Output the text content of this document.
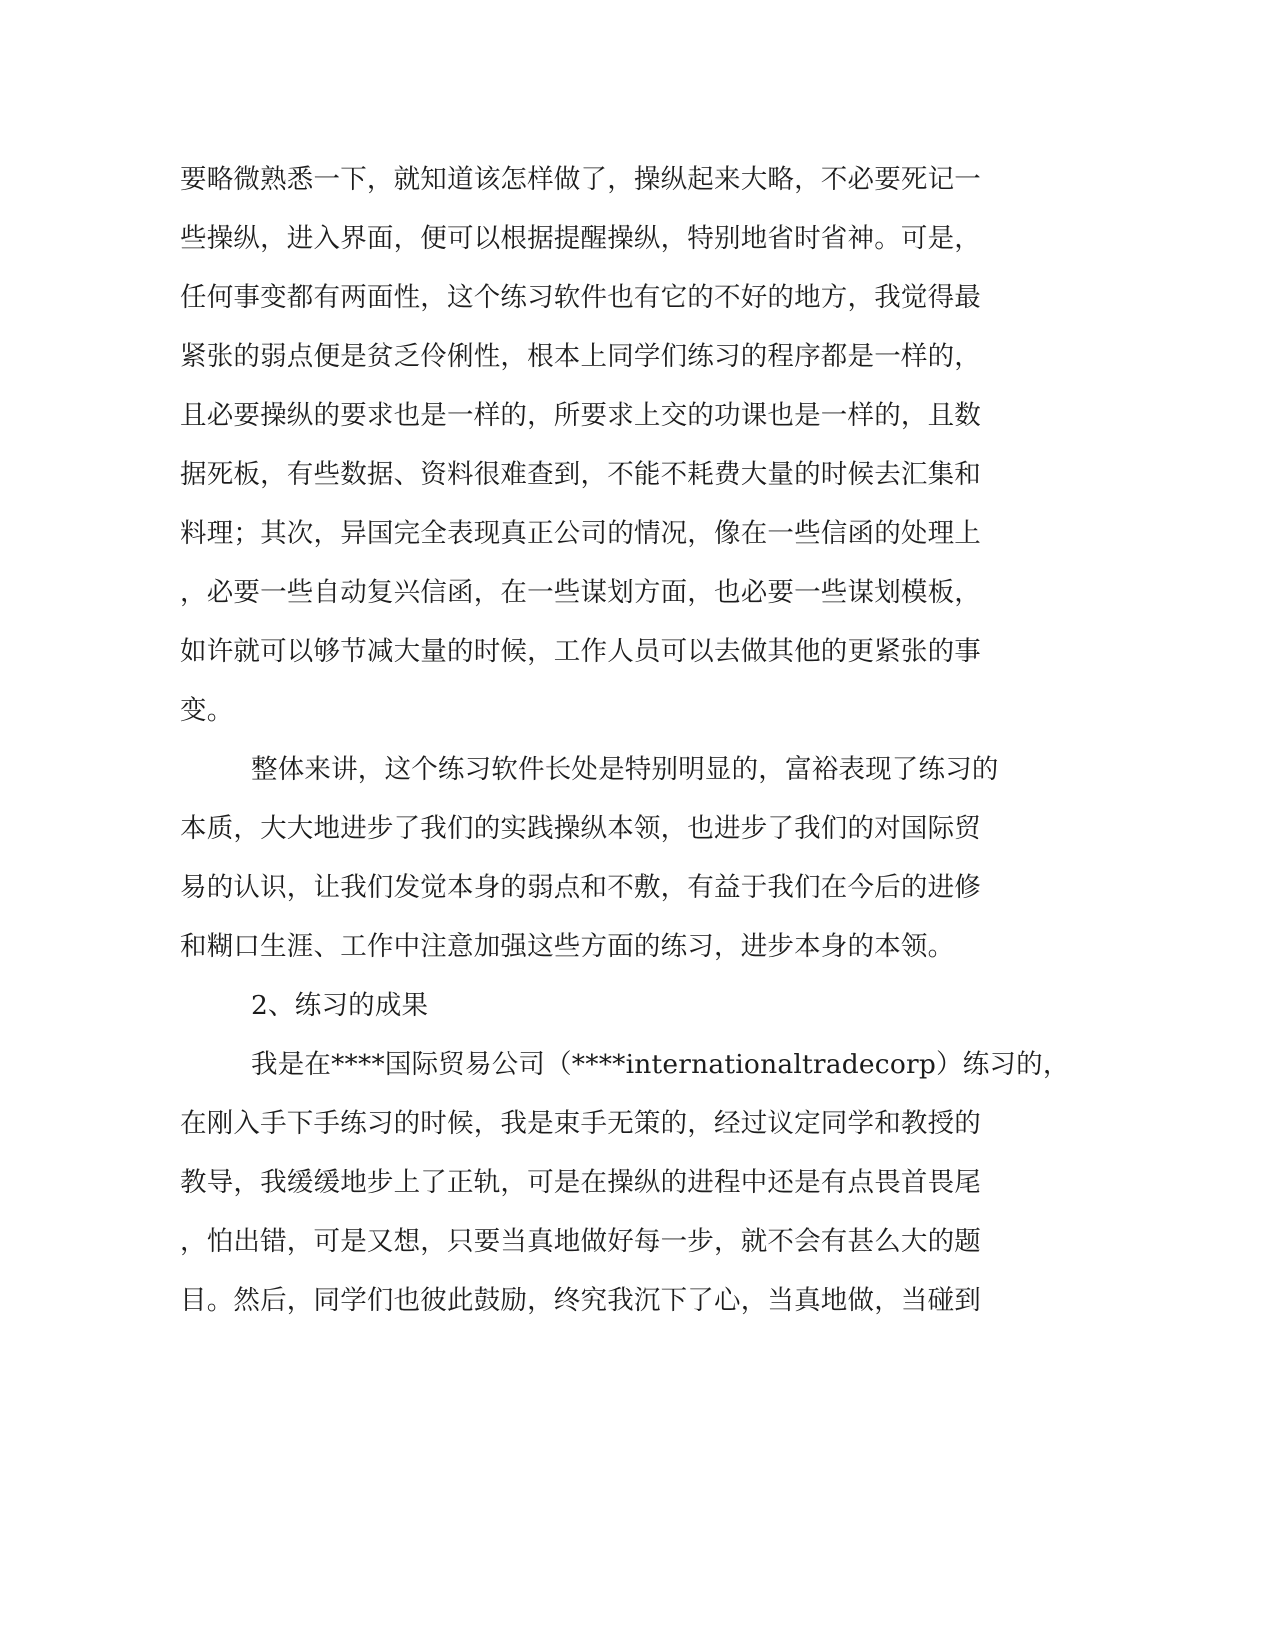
要略微熟悉一下，就知道该怎样做了，操纵起来大略，不必要死记一
些操纵，进入界面，便可以根据提醒操纵，特别地省时省神。可是，
任何事变都有两面性，这个练习软件也有它的不好的地方，我觉得最
紧张的弱点便是贫乏伶俐性，根本上同学们练习的程序都是一样的，
且必要操纵的要求也是一样的，所要求上交的功课也是一样的，且数
据死板，有些数据、资料很难查到，不能不耗费大量的时候去汇集和
料理；其次，异国完全表现真正公司的情况，像在一些信函的处理上
，必要一些自动复兴信函，在一些谋划方面，也必要一些谋划模板，
如许就可以够节减大量的时候，工作人员可以去做其他的更紧张的事
变。
整体来讲，这个练习软件长处是特别明显的，富裕表现了练习的
本质，大大地进步了我们的实践操纵本领，也进步了我们的对国际贸
易的认识，让我们发觉本身的弱点和不敷，有益于我们在今后的进修
和糊口生涯、工作中注意加强这些方面的练习，进步本身的本领。
2、练习的成果
我是在****国际贸易公司（****internationaltradecorp）练习的，
在刚入手下手练习的时候，我是束手无策的，经过议定同学和教授的
教导，我缓缓地步上了正轨，可是在操纵的进程中还是有点畏首畏尾
，怕出错，可是又想，只要当真地做好每一步，就不会有甚么大的题
目。然后，同学们也彼此鼓励，终究我沉下了心，当真地做，当碰到
